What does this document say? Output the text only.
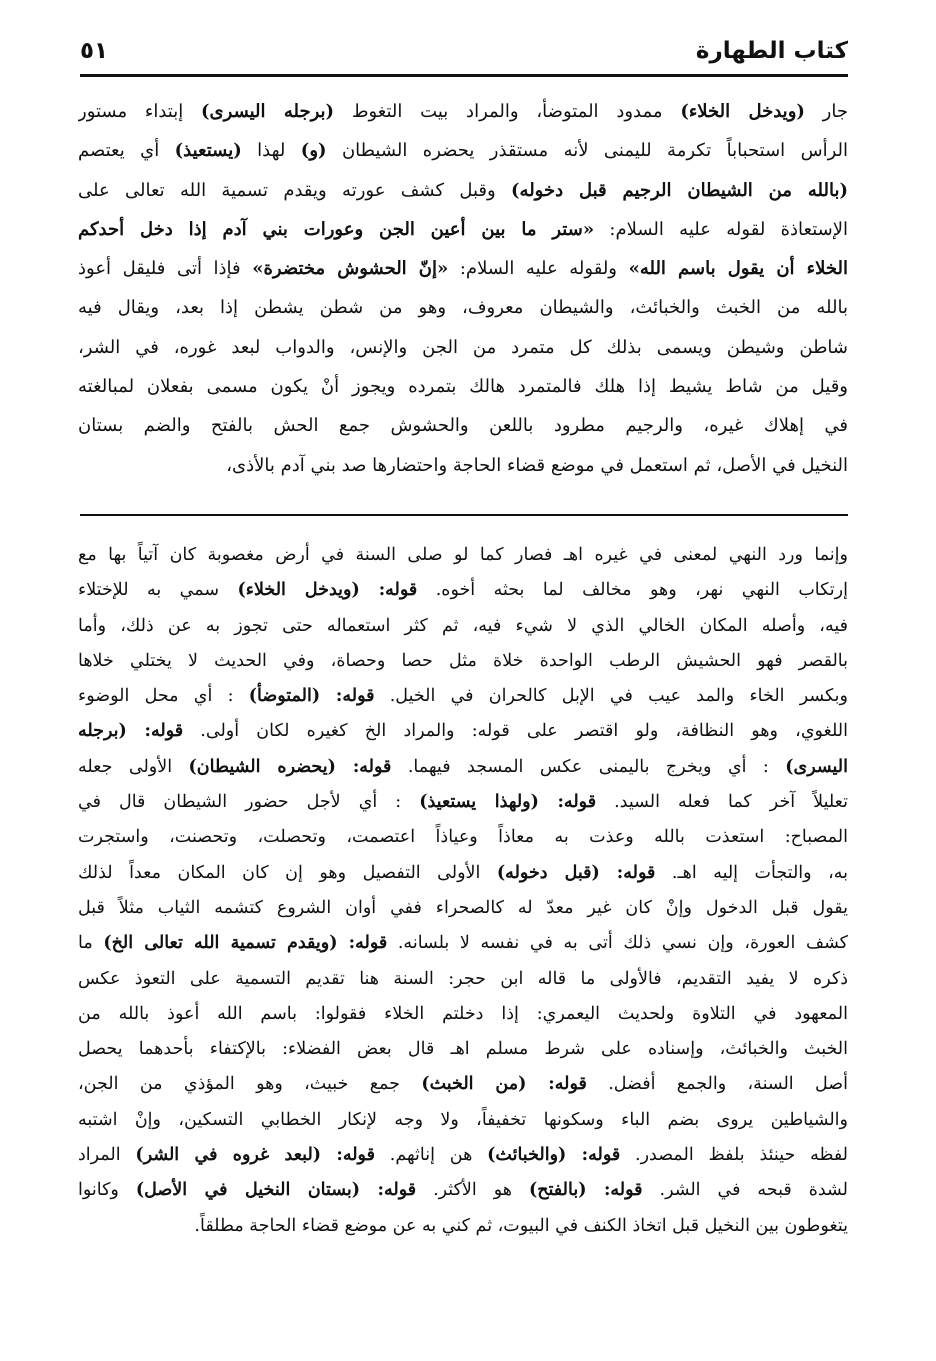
كتاب الطهارة
٥١
جار (ويدخل الخلاء) ممدود المتوضأ، والمراد بيت التغوط (برجله اليسرى) إبتداء مستور
الرأس استحباباً تكرمة لليمنى لأنه مستقذر يحضره الشيطان (و) لهذا (يستعيذ) أي يعتصم
(بالله من الشيطان الرجيم قبل دخوله) وقبل كشف عورته ويقدم تسمية الله تعالى على
الإستعاذة لقوله عليه السلام: «ستر ما بين أعين الجن وعورات بني آدم إذا دخل أحدكم
الخلاء أن يقول باسم الله» ولقوله عليه السلام: «إنّ الحشوش مختضرة» فإذا أتى فليقل أعوذ
بالله من الخبث والخبائث، والشيطان معروف، وهو من شطن يشطن إذا بعد، ويقال فيه
شاطن وشيطن ويسمى بذلك كل متمرد من الجن والإنس، والدواب لبعد غوره، في الشر،
وقيل من شاط يشيط إذا هلك فالمتمرد هالك بتمرده ويجوز أنْ يكون مسمى بفعلان لمبالغته
في إهلاك غيره، والرجيم مطرود باللعن والحشوش جمع الحش بالفتح والضم بستان
النخيل في الأصل، ثم استعمل في موضع قضاء الحاجة واحتضارها صد بني آدم بالأذى،
وإنما ورد النهي لمعنى في غيره اهـ فصار كما لو صلى السنة في أرض مغصوبة كان آتياً بها مع
إرتكاب النهي نهر، وهو مخالف لما بحثه أخوه. قوله: (ويدخل الخلاء) سمي به للإختلاء
فيه، وأصله المكان الخالي الذي لا شيء فيه، ثم كثر استعماله حتى تجوز به عن ذلك، وأما
بالقصر فهو الحشيش الرطب الواحدة خلاة مثل حصا وحصاة، وفي الحديث لا يختلي خلاها
وبكسر الخاء والمد عيب في الإبل كالحران في الخيل. قوله: (المتوضأ) : أي محل الوضوء
اللغوي، وهو النظافة، ولو اقتصر على قوله: والمراد الخ كغيره لكان أولى. قوله: (برجله
اليسرى) : أي ويخرج باليمنى عكس المسجد فيهما. قوله: (يحضره الشيطان) الأولى جعله
تعليلاً آخر كما فعله السيد. قوله: (ولهذا يستعيذ) : أي لأجل حضور الشيطان قال في
المصباح: استعذت بالله وعذت به معاذاً وعياذاً اعتصمت، وتحصلت، وتحصنت، واستجرت
به، والتجأت إليه اهـ. قوله: (قبل دخوله) الأولى التفصيل وهو إن كان المكان معداً لذلك
يقول قبل الدخول وإنْ كان غير معدّ له كالصحراء ففي أوان الشروع كتشمه الثياب مثلاً قبل
كشف العورة، وإن نسي ذلك أتى به في نفسه لا بلسانه. قوله: (ويقدم تسمية الله تعالى الخ) ما
ذكره لا يفيد التقديم، فالأولى ما قاله ابن حجر: السنة هنا تقديم التسمية على التعوذ عكس
المعهود في التلاوة ولحديث اليعمري: إذا دخلتم الخلاء فقولوا: باسم الله أعوذ بالله من
الخبث والخبائث، وإسناده على شرط مسلم اهـ قال بعض الفضلاء: بالإكتفاء بأحدهما يحصل
أصل السنة، والجمع أفضل. قوله: (من الخبث) جمع خبيث، وهو المؤذي من الجن،
والشياطين يروى بضم الباء وسكونها تخفيفاً، ولا وجه لإنكار الخطابي التسكين، وإنْ اشتبه
لفظه حينئذ بلفظ المصدر. قوله: (والخبائث) هن إناثهم. قوله: (لبعد غروه في الشر) المراد
لشدة قبحه في الشر. قوله: (بالفتح) هو الأكثر. قوله: (بستان النخيل في الأصل) وكانوا
يتغوطون بين النخيل قبل اتخاذ الكنف في البيوت، ثم كني به عن موضع قضاء الحاجة مطلقاً.
